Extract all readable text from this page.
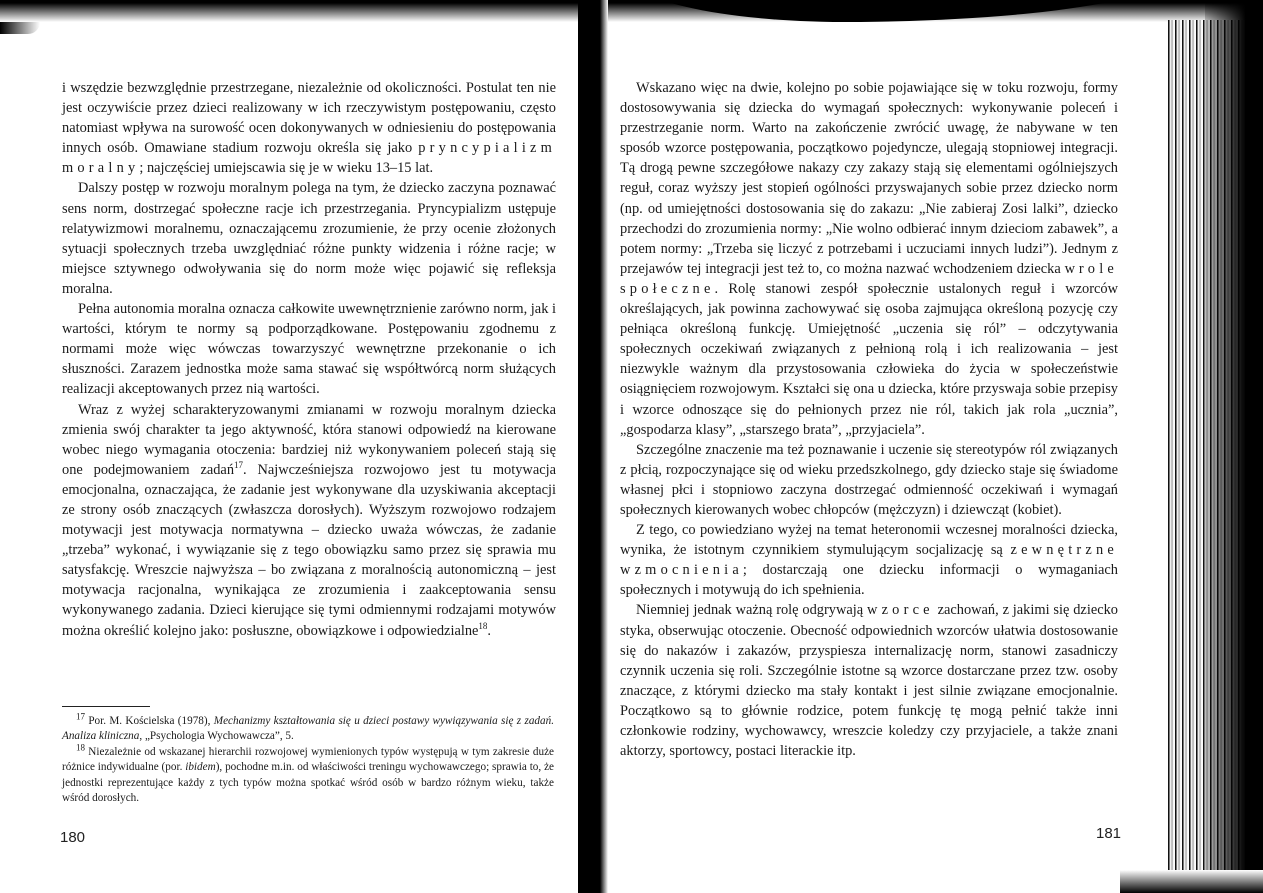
i wszędzie bezwzględnie przestrzegane, niezależnie od okoliczności. Postulat ten nie jest oczywiście przez dzieci realizowany w ich rzeczywistym postępowaniu, często natomiast wpływa na surowość ocen dokonywanych w odniesieniu do postępowania innych osób. Omawiane stadium rozwoju określa się jako pryncypializm moralny; najczęściej umiejscawia się je w wieku 13–15 lat.

Dalszy postęp w rozwoju moralnym polega na tym, że dziecko zaczyna poznawać sens norm, dostrzegać społeczne racje ich przestrzegania. Pryncypializm ustępuje relatywizmowi moralnemu, oznaczającemu zrozumienie, że przy ocenie złożonych sytuacji społecznych trzeba uwzględniać różne punkty widzenia i różne racje; w miejsce sztywnego odwoływania się do norm może więc pojawić się refleksja moralna.

Pełna autonomia moralna oznacza całkowite uwewnętrznienie zarówno norm, jak i wartości, którym te normy są podporządkowane. Postępowaniu zgodnemu z normami może więc wówczas towarzyszyć wewnętrzne przekonanie o ich słuszności. Zarazem jednostka może sama stawać się współtwórcą norm służących realizacji akceptowanych przez nią wartości.

Wraz z wyżej scharakteryzowanymi zmianami w rozwoju moralnym dziecka zmienia swój charakter ta jego aktywność, która stanowi odpowiedź na kierowane wobec niego wymagania otoczenia: bardziej niż wykonywaniem poleceń stają się one podejmowaniem zadań$^{17}$. Najwcześniejsza rozwojowo jest tu motywacja emocjonalna, oznaczająca, że zadanie jest wykonywane dla uzyskiwania akceptacji ze strony osób znaczących (zwłaszcza dorosłych). Wyższym rozwojowo rodzajem motywacji jest motywacja normatywna – dziecko uważa wówczas, że zadanie „trzeba” wykonać, i wywiązanie się z tego obowiązku samo przez się sprawia mu satysfakcję. Wreszcie najwyższa – bo związana z moralnością autonomiczną – jest motywacja racjonalna, wynikająca ze zrozumienia i zaakceptowania sensu wykonywanego zadania. Dzieci kierujące się tymi odmiennymi rodzajami motywów można określić kolejno jako: posłuszne, obowiązkowe i odpowiedzialne$^{18}$.

$^{17}$ Por. M. Kościelska (1978), Mechanizmy kształtowania się u dzieci postawy wywiązywania się z zadań. Analiza kliniczna, „Psychologia Wychowawcza”, 5.

$^{18}$ Niezależnie od wskazanej hierarchii rozwojowej wymienionych typów występują w tym zakresie duże różnice indywidualne (por. ibidem), pochodne m.in. od właściwości treningu wychowawczego; sprawia to, że jednostki reprezentujące każdy z tych typów można spotkać wśród osób w bardzo różnym wieku, także wśród dorosłych.

180

Wskazano więc na dwie, kolejno po sobie pojawiające się w toku rozwoju, formy dostosowywania się dziecka do wymagań społecznych: wykonywanie poleceń i przestrzeganie norm. Warto na zakończenie zwrócić uwagę, że nabywane w ten sposób wzorce postępowania, początkowo pojedyncze, ulegają stopniowej integracji. Tą drogą pewne szczegółowe nakazy czy zakazy stają się elementami ogólniejszych reguł, coraz wyższy jest stopień ogólności przyswajanych sobie przez dziecko norm (np. od umiejętności dostosowania się do zakazu: „Nie zabieraj Zosi lalki”, dziecko przechodzi do zrozumienia normy: „Nie wolno odbierać innym dzieciom zabawek”, a potem normy: „Trzeba się liczyć z potrzebami i uczuciami innych ludzi”). Jednym z przejawów tej integracji jest też to, co można nazwać wchodzeniem dziecka w role społeczne. Rolę stanowi zespół społecznie ustalonych reguł i wzorców określających, jak powinna zachowywać się osoba zajmująca określoną pozycję czy pełniąca określoną funkcję. Umiejętność „uczenia się ról” – odczytywania społecznych oczekiwań związanych z pełnioną rolą i ich realizowania – jest niezwykle ważnym dla przystosowania człowieka do życia w społeczeństwie osiągnięciem rozwojowym. Kształci się ona u dziecka, które przyswaja sobie przepisy i wzorce odnoszące się do pełnionych przez nie ról, takich jak rola „ucznia”, „gospodarza klasy”, „starszego brata”, „przyjaciela”.

Szczególne znaczenie ma też poznawanie i uczenie się stereotypów ról związanych z płcią, rozpoczynające się od wieku przedszkolnego, gdy dziecko staje się świadome własnej płci i stopniowo zaczyna dostrzegać odmienność oczekiwań i wymagań społecznych kierowanych wobec chłopców (mężczyzn) i dziewcząt (kobiet).

Z tego, co powiedziano wyżej na temat heteronomii wczesnej moralności dziecka, wynika, że istotnym czynnikiem stymulującym socjalizację są zewnętrzne wzmocnienia; dostarczają one dziecku informacji o wymaganiach społecznych i motywują do ich spełnienia.

Niemniej jednak ważną rolę odgrywają wzorce zachowań, z jakimi się dziecko styka, obserwując otoczenie. Obecność odpowiednich wzorców ułatwia dostosowanie się do nakazów i zakazów, przyspiesza internalizację norm, stanowi zasadniczy czynnik uczenia się roli. Szczególnie istotne są wzorce dostarczane przez tzw. osoby znaczące, z którymi dziecko ma stały kontakt i jest silnie związane emocjonalnie. Początkowo są to głównie rodzice, potem funkcję tę mogą pełnić także inni członkowie rodziny, wychowawcy, wreszcie koledzy czy przyjaciele, a także znani aktorzy, sportowcy, postaci literackie itp.

181
